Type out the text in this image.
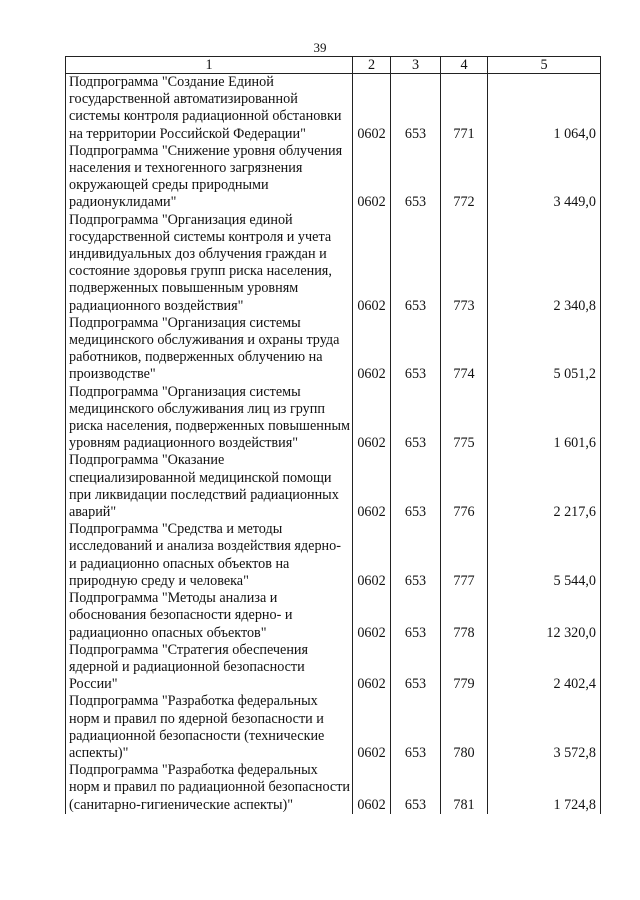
39
1	2	3	4	5
Подпрограмма "Создание Единой государственной автоматизированной системы контроля радиационной обстановки на территории Российской Федерации"	0602	653	771	1 064,0
Подпрограмма "Снижение уровня облучения населения и техногенного загрязнения окружающей среды природными радионуклидами"	0602	653	772	3 449,0
Подпрограмма "Организация единой государственной системы контроля и учета индивидуальных доз облучения граждан и состояние здоровья групп риска населения, подверженных повышенным уровням радиационного воздействия"	0602	653	773	2 340,8
Подпрограмма "Организация системы медицинского обслуживания и охраны труда работников, подверженных облучению на производстве"	0602	653	774	5 051,2
Подпрограмма "Организация системы медицинского обслуживания лиц из групп риска населения, подверженных повышенным уровням радиационного воздействия"	0602	653	775	1 601,6
Подпрограмма "Оказание специализированной медицинской помощи при ликвидации последствий радиационных аварий"	0602	653	776	2 217,6
Подпрограмма "Средства и методы исследований и анализа воздействия ядерно- и радиационно опасных объектов на природную среду и человека"	0602	653	777	5 544,0
Подпрограмма "Методы анализа и обоснования безопасности ядерно- и радиационно опасных объектов"	0602	653	778	12 320,0
Подпрограмма "Стратегия обеспечения ядерной и радиационной безопасности России"	0602	653	779	2 402,4
Подпрограмма "Разработка федеральных норм и правил по ядерной безопасности и радиационной безопасности (технические аспекты)"	0602	653	780	3 572,8
Подпрограмма "Разработка федеральных норм и правил по радиационной безопасности (санитарно-гигиенические аспекты)"	0602	653	781	1 724,8
